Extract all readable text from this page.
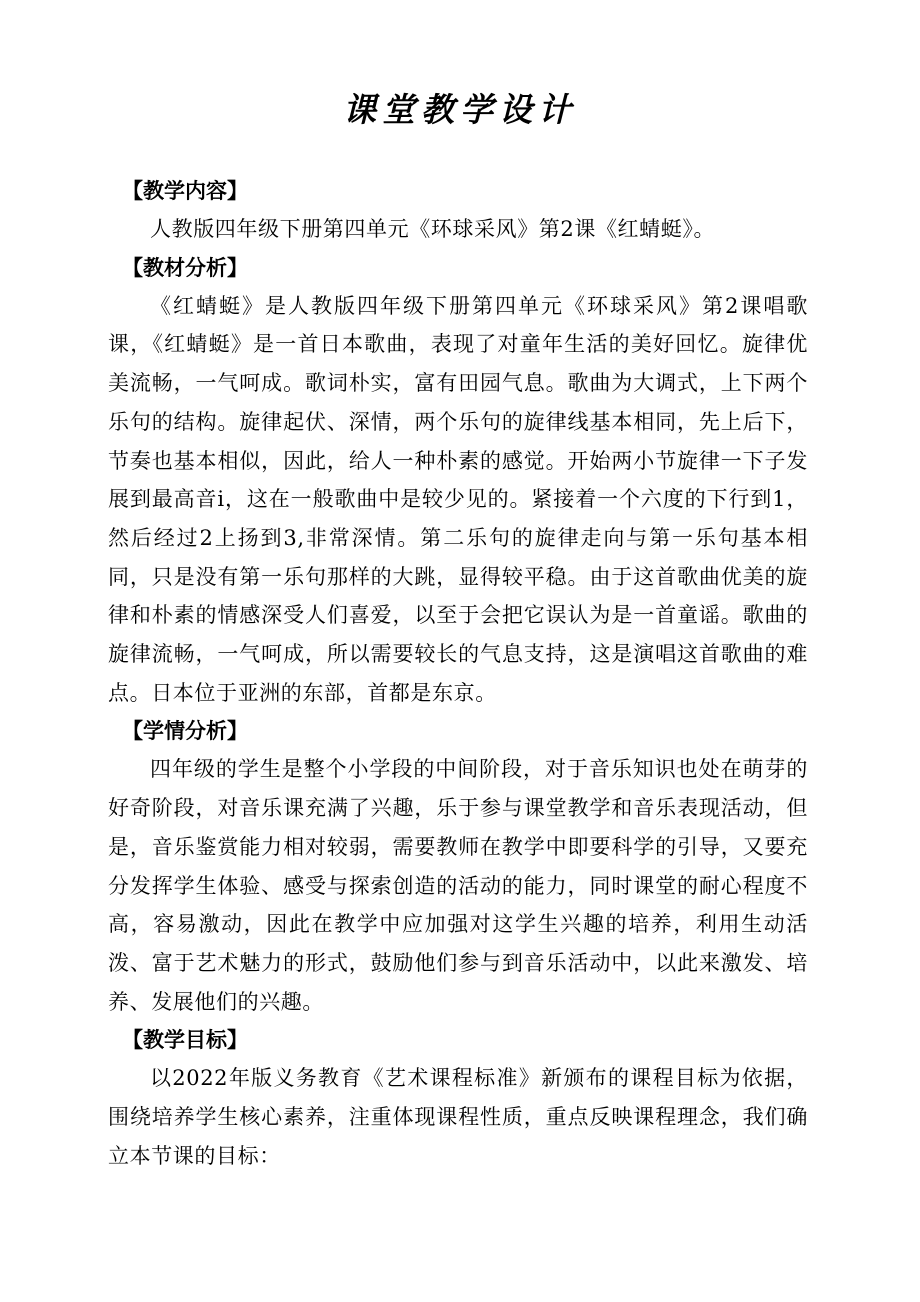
课堂教学设计
【教学内容】

人教版四年级下册第四单元《环球采风》第2课《红蜻蜓》。

【教材分析】

《红蜻蜓》是人教版四年级下册第四单元《环球采风》第2课唱歌课，《红蜻蜓》是一首日本歌曲，表现了对童年生活的美好回忆。旋律优美流畅，一气呵成。歌词朴实，富有田园气息。歌曲为大调式，上下两个乐句的结构。旋律起伏、深情，两个乐句的旋律线基本相同，先上后下，节奏也基本相似，因此，给人一种朴素的感觉。开始两小节旋律一下子发展到最高音i，这在一般歌曲中是较少见的。紧接着一个六度的下行到1，然后经过2上扬到3,非常深情。第二乐句的旋律走向与第一乐句基本相同，只是没有第一乐句那样的大跳，显得较平稳。由于这首歌曲优美的旋律和朴素的情感深受人们喜爱，以至于会把它误认为是一首童谣。歌曲的旋律流畅，一气呵成，所以需要较长的气息支持，这是演唱这首歌曲的难点。日本位于亚洲的东部，首都是东京。

【学情分析】

四年级的学生是整个小学段的中间阶段，对于音乐知识也处在萌芽的好奇阶段，对音乐课充满了兴趣，乐于参与课堂教学和音乐表现活动，但是，音乐鉴赏能力相对较弱，需要教师在教学中即要科学的引导，又要充分发挥学生体验、感受与探索创造的活动的能力，同时课堂的耐心程度不高，容易激动，因此在教学中应加强对这学生兴趣的培养，利用生动活泼、富于艺术魅力的形式，鼓励他们参与到音乐活动中，以此来激发、培养、发展他们的兴趣。

【教学目标】

以2022年版义务教育《艺术课程标准》新颁布的课程目标为依据，围绕培养学生核心素养，注重体现课程性质，重点反映课程理念，我们确立本节课的目标：
